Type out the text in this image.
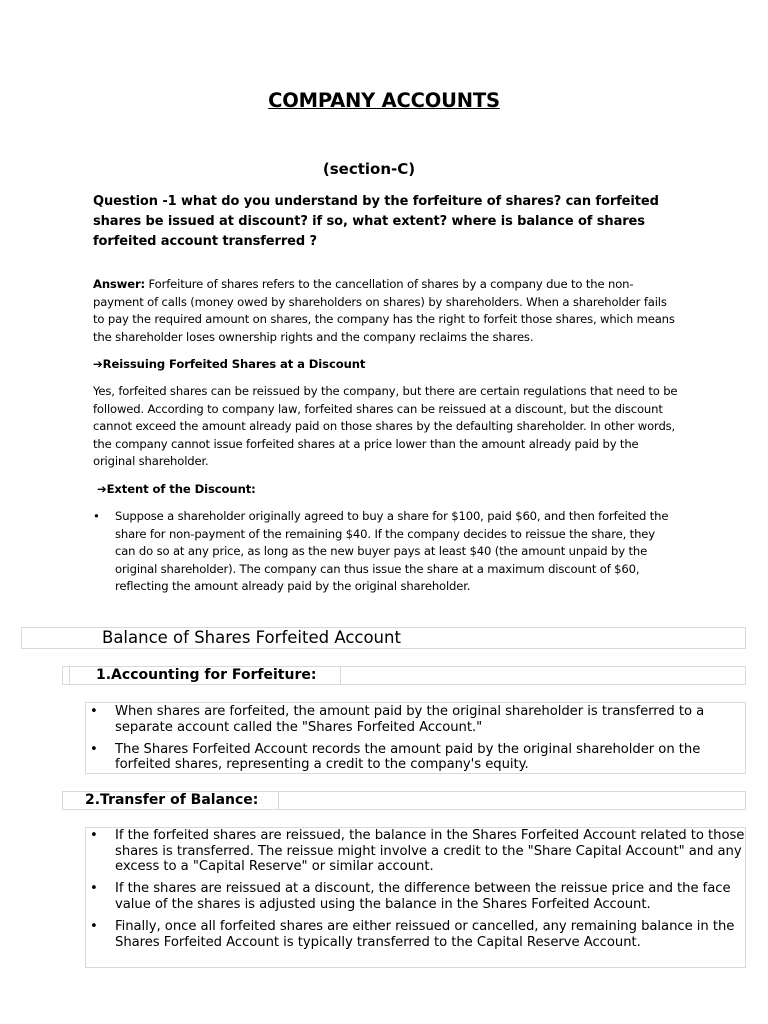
COMPANY ACCOUNTS
(section-C)
Question -1 what do you understand by the forfeiture of shares? can forfeited shares be issued at discount? if so, what extent? where is balance of shares forfeited account transferred ?
Answer: Forfeiture of shares refers to the cancellation of shares by a company due to the non-payment of calls (money owed by shareholders on shares) by shareholders. When a shareholder fails to pay the required amount on shares, the company has the right to forfeit those shares, which means the shareholder loses ownership rights and the company reclaims the shares.
➔Reissuing Forfeited Shares at a Discount
Yes, forfeited shares can be reissued by the company, but there are certain regulations that need to be followed. According to company law, forfeited shares can be reissued at a discount, but the discount cannot exceed the amount already paid on those shares by the defaulting shareholder. In other words, the company cannot issue forfeited shares at a price lower than the amount already paid by the original shareholder.
➔Extent of the Discount:
• Suppose a shareholder originally agreed to buy a share for $100, paid $60, and then forfeited the share for non-payment of the remaining $40. If the company decides to reissue the share, they can do so at any price, as long as the new buyer pays at least $40 (the amount unpaid by the original shareholder). The company can thus issue the share at a maximum discount of $60, reflecting the amount already paid by the original shareholder.
Balance of Shares Forfeited Account
1.Accounting for Forfeiture:
• When shares are forfeited, the amount paid by the original shareholder is transferred to a separate account called the "Shares Forfeited Account."
• The Shares Forfeited Account records the amount paid by the original shareholder on the forfeited shares, representing a credit to the company's equity.
2.Transfer of Balance:
• If the forfeited shares are reissued, the balance in the Shares Forfeited Account related to those shares is transferred. The reissue might involve a credit to the "Share Capital Account" and any excess to a "Capital Reserve" or similar account.
• If the shares are reissued at a discount, the difference between the reissue price and the face value of the shares is adjusted using the balance in the Shares Forfeited Account.
• Finally, once all forfeited shares are either reissued or cancelled, any remaining balance in the Shares Forfeited Account is typically transferred to the Capital Reserve Account.
